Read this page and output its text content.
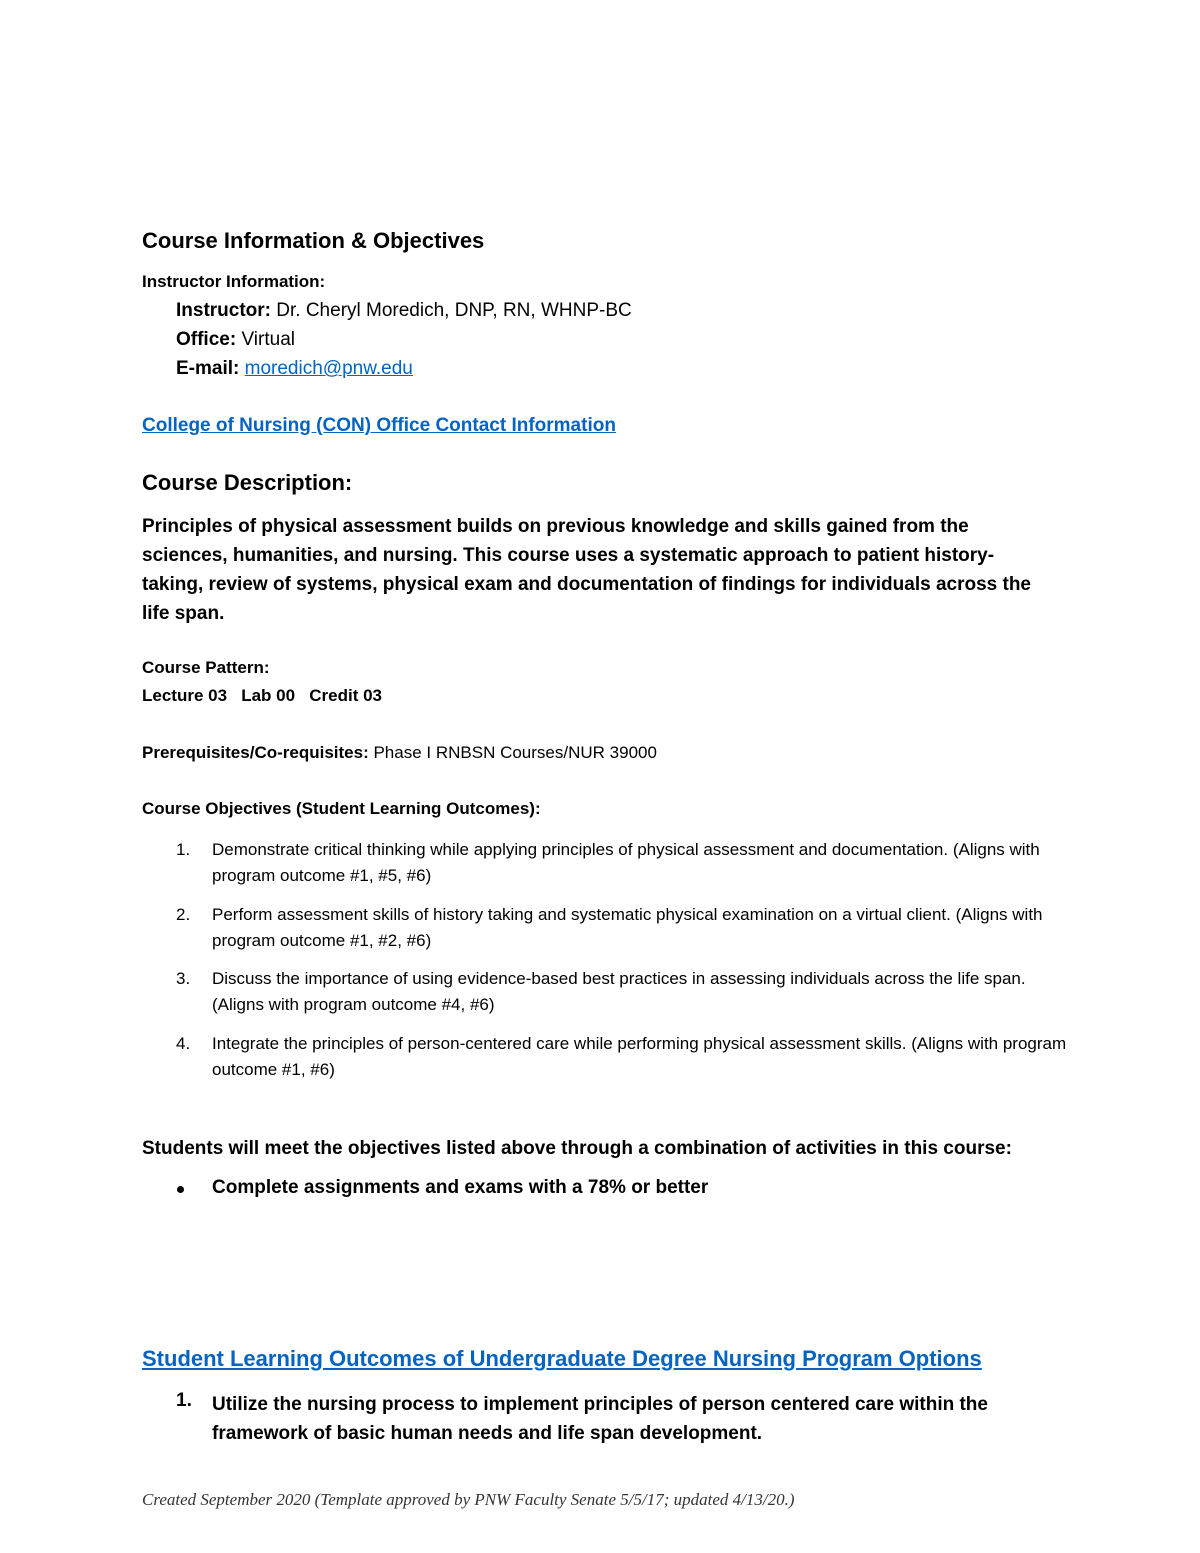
Course Information & Objectives
Instructor Information:
Instructor: Dr. Cheryl Moredich, DNP, RN, WHNP-BC
Office: Virtual
E-mail: moredich@pnw.edu
College of Nursing (CON) Office Contact Information
Course Description:
Principles of physical assessment builds on previous knowledge and skills gained from the sciences, humanities, and nursing. This course uses a systematic approach to patient history-taking, review of systems, physical exam and documentation of findings for individuals across the life span.
Course Pattern:
Lecture 03   Lab 00   Credit 03
Prerequisites/Co-requisites: Phase I RNBSN Courses/NUR 39000
Course Objectives (Student Learning Outcomes):
1. Demonstrate critical thinking while applying principles of physical assessment and documentation. (Aligns with program outcome #1, #5, #6)
2. Perform assessment skills of history taking and systematic physical examination on a virtual client. (Aligns with program outcome #1, #2, #6)
3. Discuss the importance of using evidence-based best practices in assessing individuals across the life span. (Aligns with program outcome #4, #6)
4. Integrate the principles of person-centered care while performing physical assessment skills. (Aligns with program outcome #1, #6)
Students will meet the objectives listed above through a combination of activities in this course:
Complete assignments and exams with a 78% or better
Student Learning Outcomes of Undergraduate Degree Nursing Program Options
1. Utilize the nursing process to implement principles of person centered care within the framework of basic human needs and life span development.
Created September 2020 (Template approved by PNW Faculty Senate 5/5/17; updated 4/13/20.)
